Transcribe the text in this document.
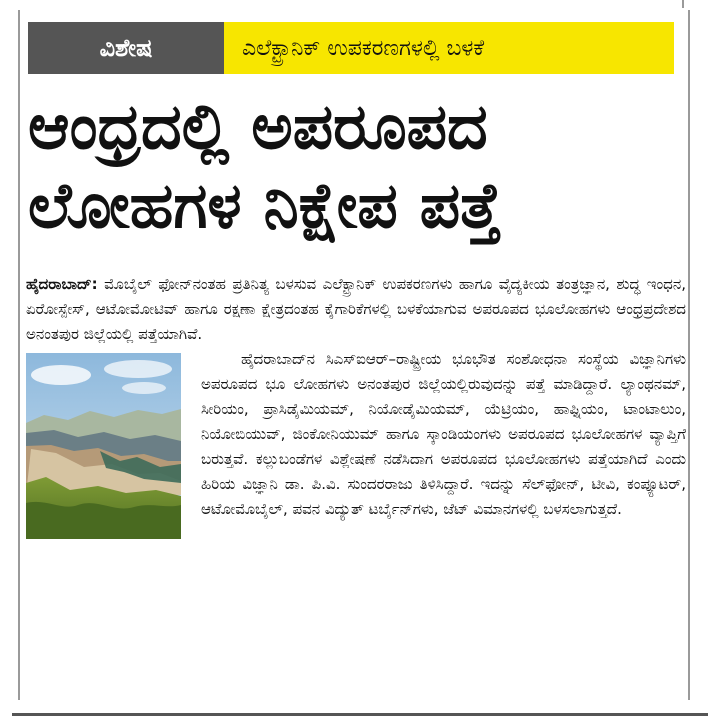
ವಿಶೇಷ	ಎಲೆಕ್ಟ್ರಾನಿಕ್ ಉಪಕರಣಗಳಲ್ಲಿ ಬಳಕೆ
ಆಂಧ್ರದಲ್ಲಿ ಅಪರೂಪದ
ಲೋಹಗಳ ನಿಕ್ಷೇಪ ಪತ್ತೆ

ಹೈದರಾಬಾದ್: ಮೊಬೈಲ್ ಫೋನ್‌ನಂತಹ ಪ್ರತಿನಿತ್ಯ ಬಳಸುವ ಎಲೆಕ್ಟ್ರಾನಿಕ್ ಉಪಕರಣಗಳು ಹಾಗೂ ವೈದ್ಯಕೀಯ ತಂತ್ರಜ್ಞಾನ, ಶುದ್ಧ ಇಂಧನ, ಏರೋಸ್ಪೇಸ್, ಆಟೋಮೋಟಿವ್ ಹಾಗೂ ರಕ್ಷಣಾ ಕ್ಷೇತ್ರದಂತಹ ಕೈಗಾರಿಕೆಗಳಲ್ಲಿ ಬಳಕೆಯಾಗುವ ಅಪರೂಪದ ಭೂಲೋಹಗಳು ಆಂಧ್ರಪ್ರದೇಶದ ಅನಂತಪುರ ಜಿಲ್ಲೆಯಲ್ಲಿ ಪತ್ತೆಯಾಗಿವೆ.

ಹೈದರಾಬಾದ್‌ನ ಸಿಎಸ್‌ಐಆರ್–ರಾಷ್ಟ್ರೀಯ ಭೂಭೌತ ಸಂಶೋಧನಾ ಸಂಸ್ಥೆಯ ವಿಜ್ಞಾನಿಗಳು ಅಪರೂಪದ ಭೂ ಲೋಹಗಳು ಅನಂತಪುರ ಜಿಲ್ಲೆಯಲ್ಲಿರುವುದನ್ನು ಪತ್ತೆ ಮಾಡಿದ್ದಾರೆ. ಲ್ಯಾಂಥನಮ್, ಸೀರಿಯಂ, ಪ್ರಾಸಿಡೈಮಿಯಮ್, ನಿಯೋಡೈಮಿಯಮ್, ಯೆಟ್ರಿಯಂ, ಹಾಫ್ನಿಯಂ, ಟಾಂಟಾಲುಂ, ನಿಯೋಬಿಯುವ್, ಜಿಂಕೋನಿಯುಮ್ ಹಾಗೂ ಸ್ಕಾಂಡಿಯಂಗಳು ಅಪರೂಪದ ಭೂಲೋಹಗಳ ವ್ಯಾಪ್ತಿಗೆ ಬರುತ್ತವೆ. ಕಲ್ಲುಬಂಡೆಗಳ ವಿಶ್ಲೇಷಣೆ ನಡೆಸಿದಾಗ ಅಪರೂಪದ ಭೂಲೋಹಗಳು ಪತ್ತೆಯಾಗಿದೆ ಎಂದು ಹಿರಿಯ ವಿಜ್ಞಾನಿ ಡಾ. ಪಿ.ವಿ. ಸುಂದರರಾಜು ತಿಳಿಸಿದ್ದಾರೆ. ಇದನ್ನು ಸೆಲ್‌ಫೋನ್, ಟೀವಿ, ಕಂಪ್ಯೂಟರ್, ಆಟೋಮೊಬೈಲ್, ಪವನ ವಿದ್ಯುತ್ ಟರ್ಬೈನ್‌ಗಳು, ಜೆಟ್ ವಿಮಾನಗಳಲ್ಲಿ ಬಳಸಲಾಗುತ್ತದೆ.
